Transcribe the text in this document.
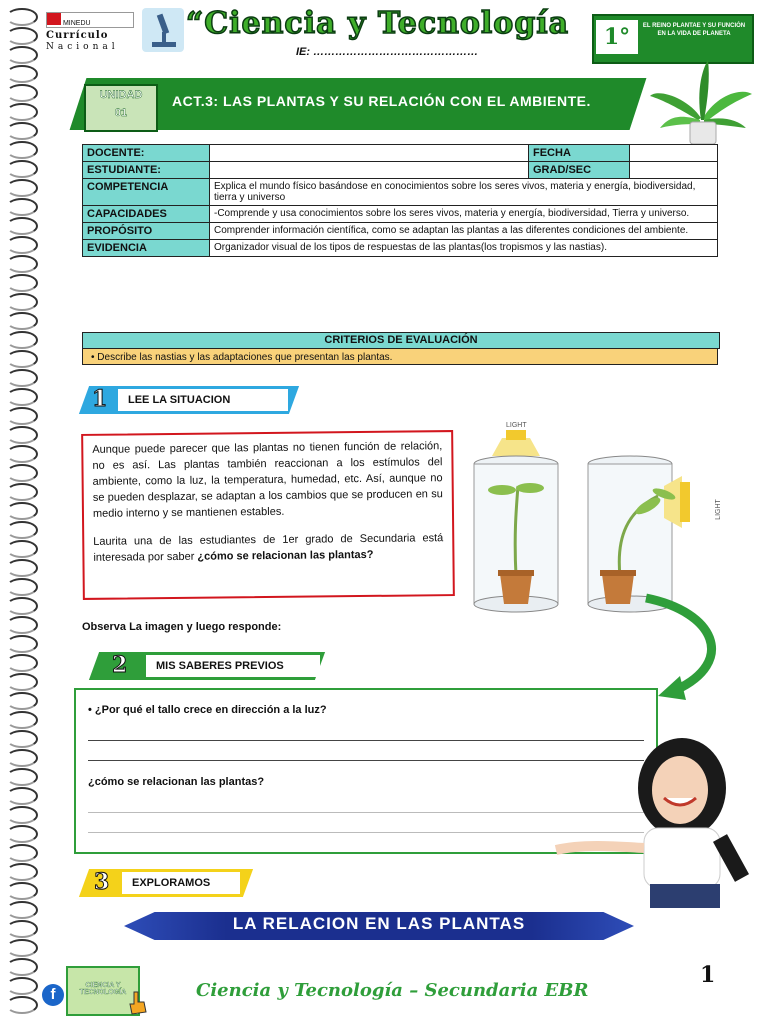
MINEDU
Currículo
Nacional
“Ciencia y Tecnología
IE: ………………………………………
1°	EL REINO PLANTAE Y SU FUNCIÓN EN LA VIDA DE PLANETA
UNIDAD
01
ACT.3: LAS PLANTAS Y SU RELACIÓN CON EL AMBIENTE.
DOCENTE:		FECHA	
ESTUDIANTE:		GRAD/SEC	
COMPETENCIA	Explica el mundo físico basándose en conocimientos sobre los seres vivos, materia y energía, biodiversidad, tierra y universo		
CAPACIDADES	-Comprende y usa conocimientos sobre los seres vivos, materia y energía, biodiversidad, Tierra y universo.		
PROPÓSITO	Comprender información científica, como se adaptan las plantas a las diferentes condiciones del ambiente.		
EVIDENCIA	Organizador visual de los tipos de respuestas de las plantas(los tropismos y las nastias).		
CRITERIOS DE EVALUACIÓN
• Describe las nastias y las adaptaciones que presentan las plantas.
LEE LA SITUACION
1

Aunque puede parecer que las plantas no tienen función de relación, no es así. Las plantas también reaccionan a los estímulos del ambiente, como la luz, la temperatura, humedad, etc. Así, aunque no se pueden desplazar, se adaptan a los cambios que se producen en su medio interno y se mantienen estables.

Laurita una de las estudiantes de 1er grado de Secundaria está interesada por saber ¿cómo se relacionan las plantas?

LIGHT
LIGHT
Observa La imagen y luego responde:
MIS SABERES PREVIOS
2
• ¿Por qué el tallo crece en dirección a la luz?
¿cómo se relacionan las plantas?
EXPLORAMOS
3
LA RELACION EN LAS PLANTAS
f
CIENCIA Y TECNOLOGÍA	Ciencia y Tecnología – Secundaria EBR
1
